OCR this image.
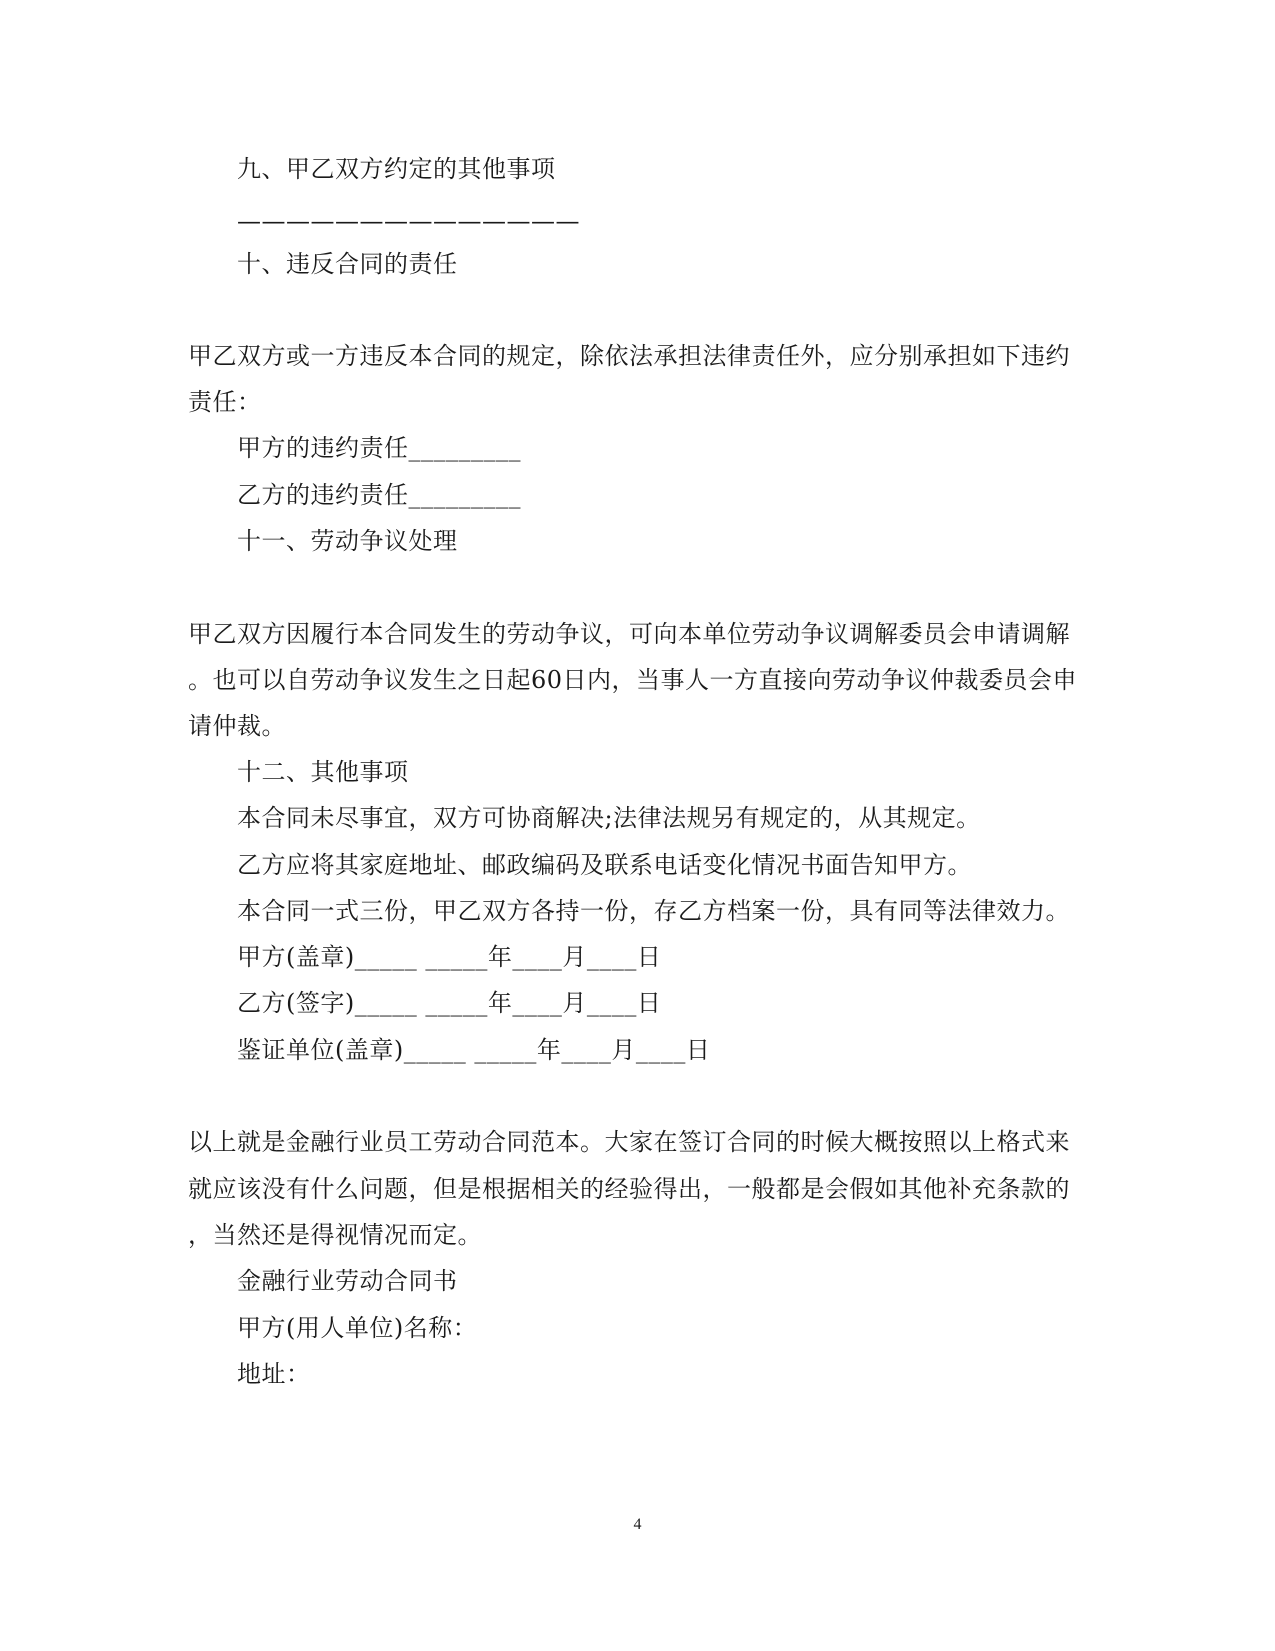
九、甲乙双方约定的其他事项
——————————————
十、违反合同的责任
甲乙双方或一方违反本合同的规定，除依法承担法律责任外，应分别承担如下违约
责任：
甲方的违约责任_________
乙方的违约责任_________
十一、劳动争议处理
甲乙双方因履行本合同发生的劳动争议，可向本单位劳动争议调解委员会申请调解
。也可以自劳动争议发生之日起60日内，当事人一方直接向劳动争议仲裁委员会申
请仲裁。
十二、其他事项
本合同未尽事宜，双方可协商解决;法律法规另有规定的，从其规定。
乙方应将其家庭地址、邮政编码及联系电话变化情况书面告知甲方。
本合同一式三份，甲乙双方各持一份，存乙方档案一份，具有同等法律效力。
甲方(盖章)_____ _____年____月____日
乙方(签字)_____ _____年____月____日
鉴证单位(盖章)_____ _____年____月____日
以上就是金融行业员工劳动合同范本。大家在签订合同的时候大概按照以上格式来
就应该没有什么问题，但是根据相关的经验得出，一般都是会假如其他补充条款的
，当然还是得视情况而定。
金融行业劳动合同书
甲方(用人单位)名称：
地址：
4
